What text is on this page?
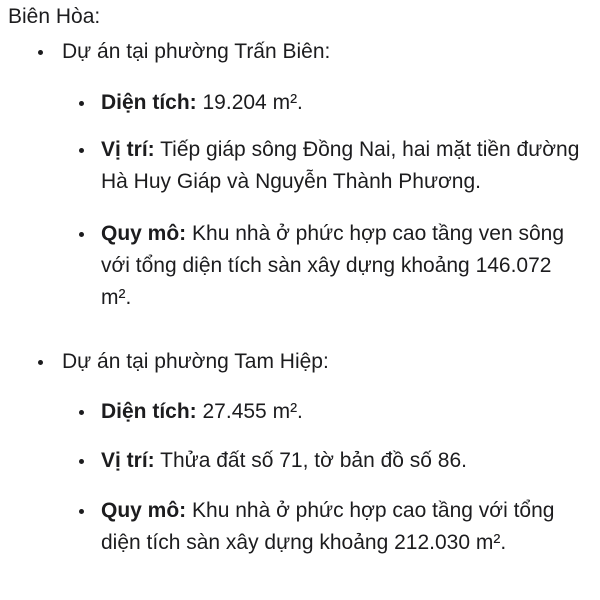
Biên Hòa:

Dự án tại phường Trấn Biên:

Diện tích: 19.204 m².
Vị trí: Tiếp giáp sông Đồng Nai, hai mặt tiền đường Hà Huy Giáp và Nguyễn Thành Phương.
Quy mô: Khu nhà ở phức hợp cao tầng ven sông với tổng diện tích sàn xây dựng khoảng 146.072 m².

Dự án tại phường Tam Hiệp:

Diện tích: 27.455 m².
Vị trí: Thửa đất số 71, tờ bản đồ số 86.
Quy mô: Khu nhà ở phức hợp cao tầng với tổng diện tích sàn xây dựng khoảng 212.030 m².
